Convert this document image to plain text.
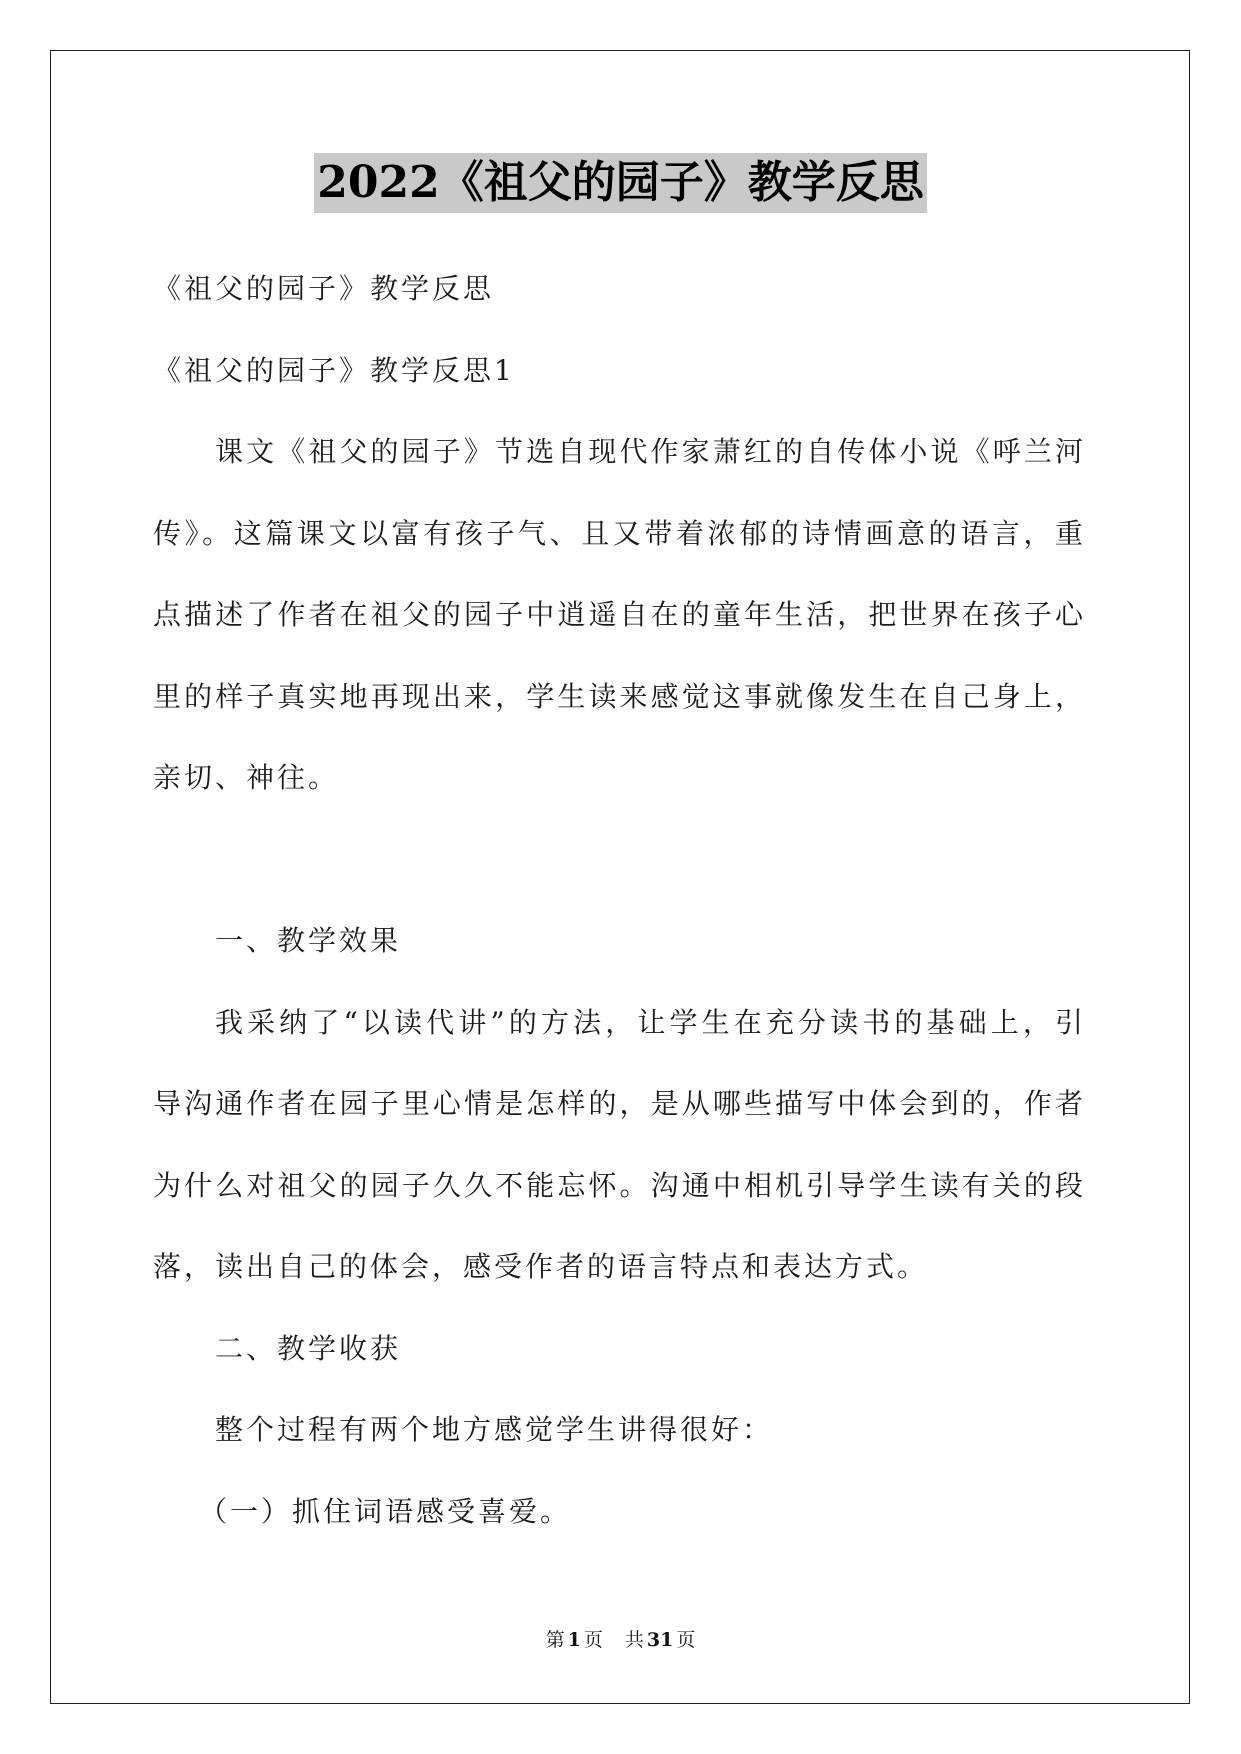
2022《祖父的园子》教学反思

《祖父的园子》教学反思

《祖父的园子》教学反思1

课文《祖父的园子》节选自现代作家萧红的自传体小说《呼兰河传》。这篇课文以富有孩子气、且又带着浓郁的诗情画意的语言，重点描述了作者在祖父的园子中逍遥自在的童年生活，把世界在孩子心里的样子真实地再现出来，学生读来感觉这事就像发生在自己身上，亲切、神往。

一、教学效果

我采纳了“以读代讲”的方法，让学生在充分读书的基础上，引导沟通作者在园子里心情是怎样的，是从哪些描写中体会到的，作者为什么对祖父的园子久久不能忘怀。沟通中相机引导学生读有关的段落，读出自己的体会，感受作者的语言特点和表达方式。

二、教学收获

整个过程有两个地方感觉学生讲得很好：

（一）抓住词语感受喜爱。

第 1 页 共 31 页
